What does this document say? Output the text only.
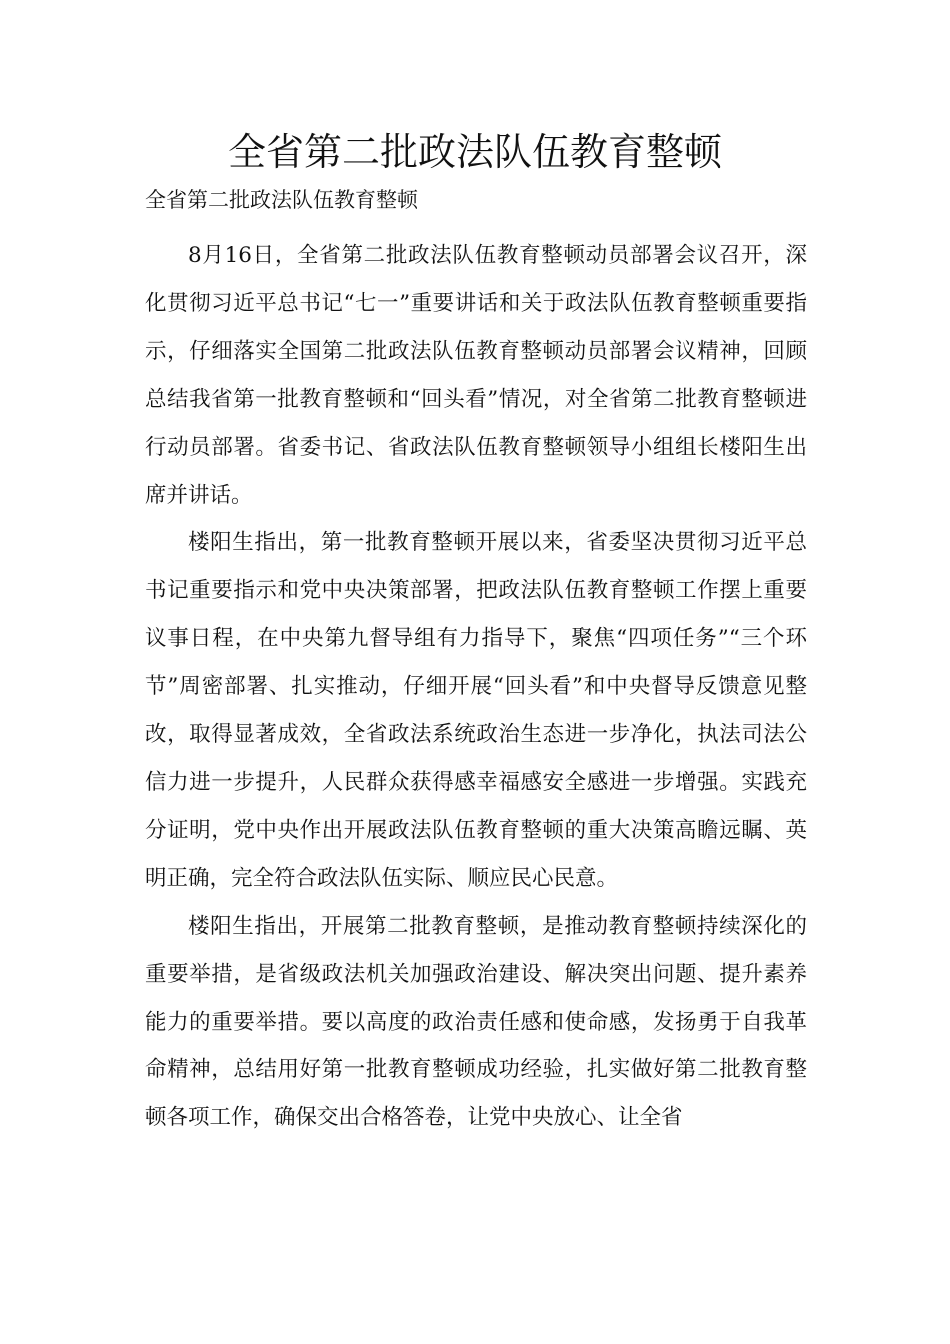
全省第二批政法队伍教育整顿

全省第二批政法队伍教育整顿

8月16日，全省第二批政法队伍教育整顿动员部署会议召开，深化贯彻习近平总书记“七一”重要讲话和关于政法队伍教育整顿重要指示，仔细落实全国第二批政法队伍教育整顿动员部署会议精神，回顾总结我省第一批教育整顿和“回头看”情况，对全省第二批教育整顿进行动员部署。省委书记、省政法队伍教育整顿领导小组组长楼阳生出席并讲话。

楼阳生指出，第一批教育整顿开展以来，省委坚决贯彻习近平总书记重要指示和党中央决策部署，把政法队伍教育整顿工作摆上重要议事日程，在中央第九督导组有力指导下，聚焦“四项任务”“三个环节”周密部署、扎实推动，仔细开展“回头看”和中央督导反馈意见整改，取得显著成效，全省政法系统政治生态进一步净化，执法司法公信力进一步提升，人民群众获得感幸福感安全感进一步增强。实践充分证明，党中央作出开展政法队伍教育整顿的重大决策高瞻远瞩、英明正确，完全符合政法队伍实际、顺应民心民意。

楼阳生指出，开展第二批教育整顿，是推动教育整顿持续深化的重要举措，是省级政法机关加强政治建设、解决突出问题、提升素养能力的重要举措。要以高度的政治责任感和使命感，发扬勇于自我革命精神，总结用好第一批教育整顿成功经验，扎实做好第二批教育整顿各项工作，确保交出合格答卷，让党中央放心、让全省
